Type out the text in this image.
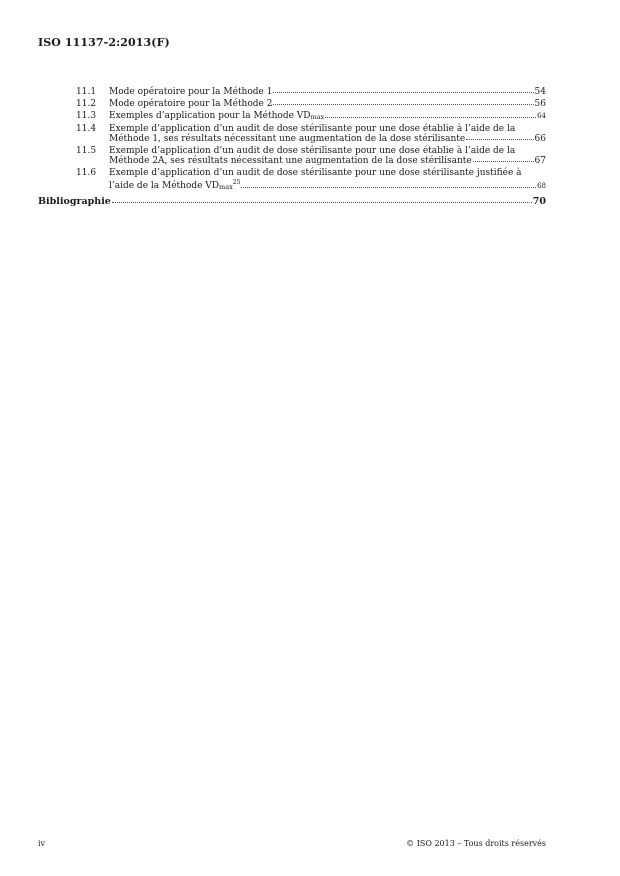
ISO 11137-2:2013(F)
11.1 Mode opératoire pour la Méthode 1	54
11.2 Mode opératoire pour la Méthode 2	56
11.3 Exemples d’application pour la Méthode VDmax	64
11.4 Exemple d’application d’un audit de dose stérilisante pour une dose établie à l’aide de la
Méthode 1, ses résultats nécessitant une augmentation de la dose stérilisante	66
11.5 Exemple d’application d’un audit de dose stérilisante pour une dose établie à l’aide de la
Méthode 2A, ses résultats nécessitant une augmentation de la dose stérilisante	67
11.6 Exemple d’application d’un audit de dose stérilisante pour une dose stérilisante justifiée à
l’aide de la Méthode VDmax$^{25}$	68
Bibliographie	70
iv	© ISO 2013 – Tous droits réservés
